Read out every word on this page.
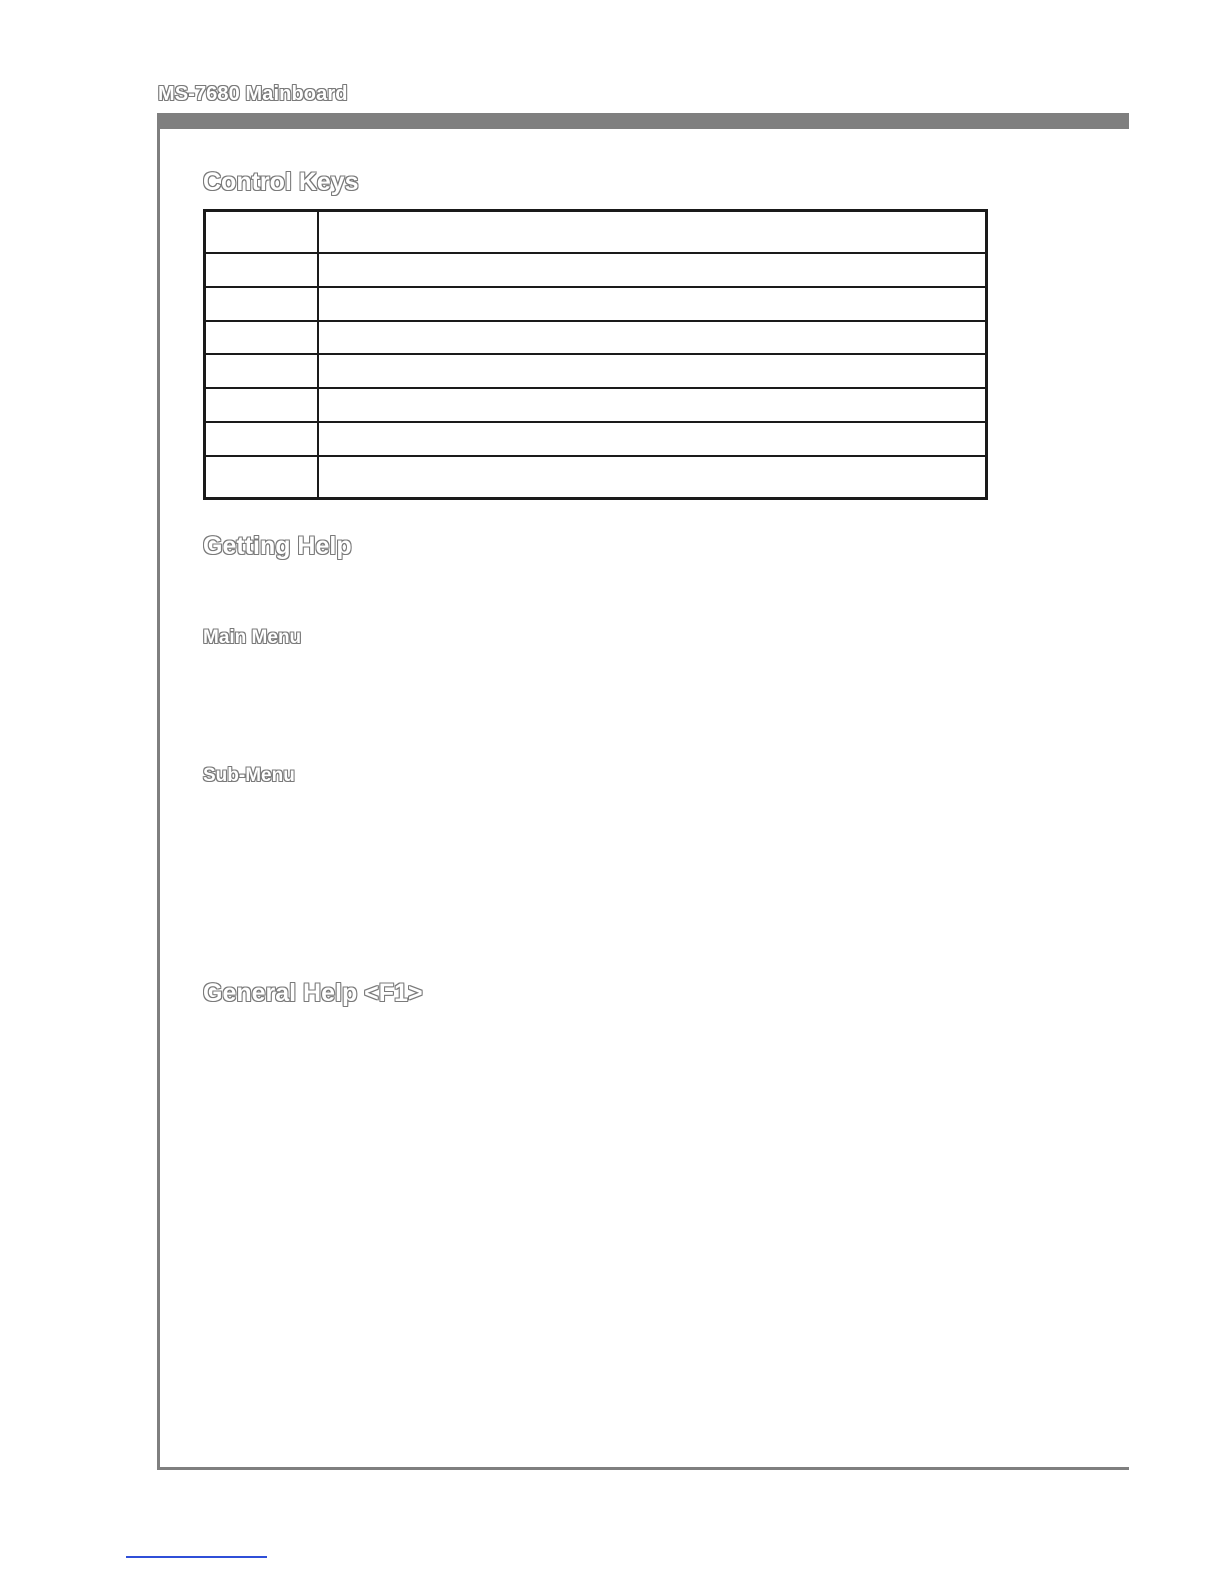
MS-7680 Mainboard
Control Keys

Getting Help
Main Menu
Sub-Menu
General Help <F1>
